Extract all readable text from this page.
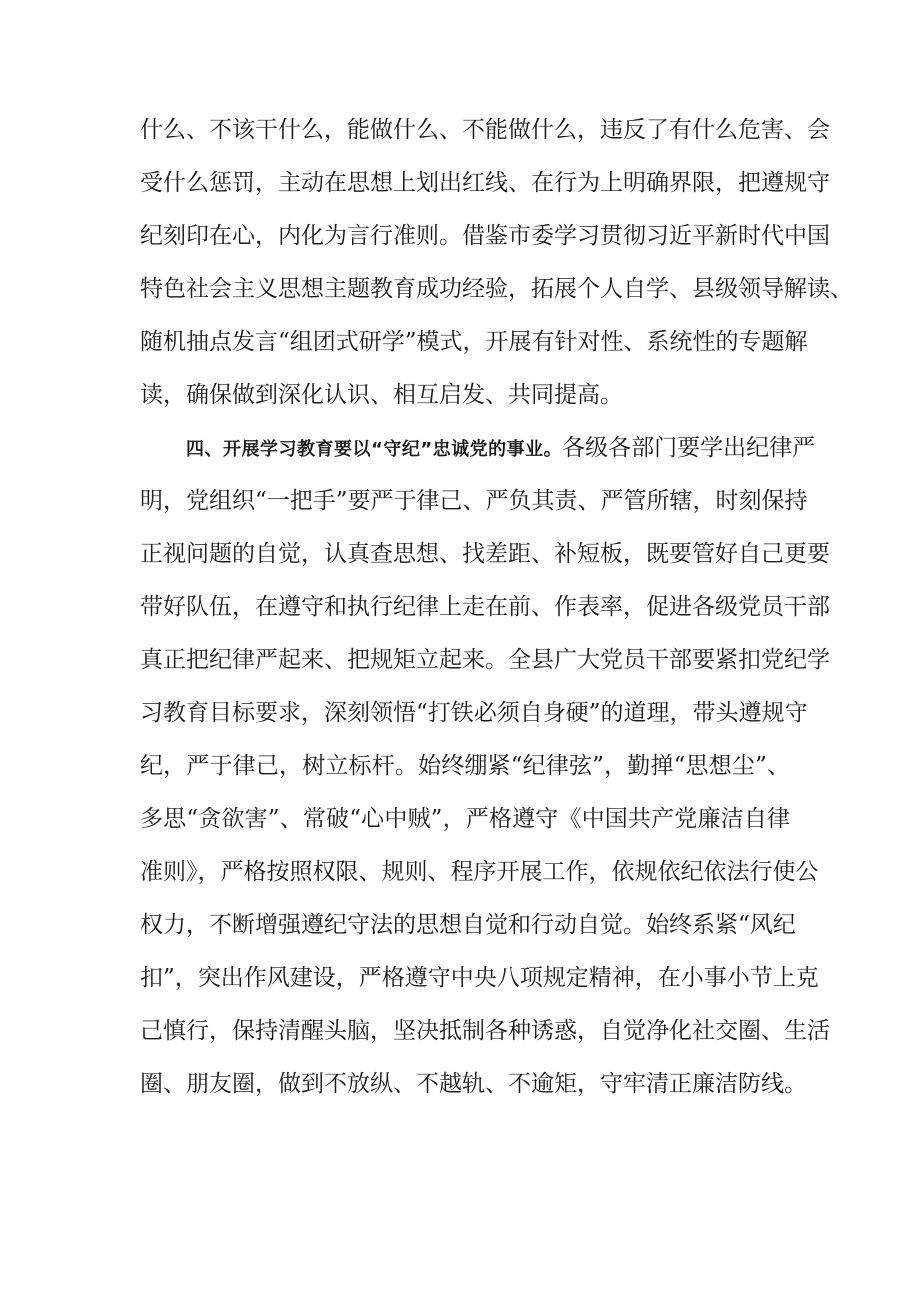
什么、不该干什么，能做什么、不能做什么，违反了有什么危害、会
受什么惩罚，主动在思想上划出红线、在行为上明确界限，把遵规守
纪刻印在心，内化为言行准则。借鉴市委学习贯彻习近平新时代中国
特色社会主义思想主题教育成功经验，拓展个人自学、县级领导解读、
随机抽点发言“组团式研学”模式，开展有针对性、系统性的专题解
读，确保做到深化认识、相互启发、共同提高。
四、开展学习教育要以“守纪”忠诚党的事业。各级各部门要学出纪律严
明，党组织“一把手”要严于律己、严负其责、严管所辖，时刻保持
正视问题的自觉，认真查思想、找差距、补短板，既要管好自己更要
带好队伍，在遵守和执行纪律上走在前、作表率，促进各级党员干部
真正把纪律严起来、把规矩立起来。全县广大党员干部要紧扣党纪学
习教育目标要求，深刻领悟“打铁必须自身硬”的道理，带头遵规守
纪，严于律己，树立标杆。始终绷紧“纪律弦”，勤掸“思想尘”、
多思“贪欲害”、常破“心中贼”，严格遵守《中国共产党廉洁自律
准则》，严格按照权限、规则、程序开展工作，依规依纪依法行使公
权力，不断增强遵纪守法的思想自觉和行动自觉。始终系紧“风纪
扣”，突出作风建设，严格遵守中央八项规定精神，在小事小节上克
己慎行，保持清醒头脑，坚决抵制各种诱惑，自觉净化社交圈、生活
圈、朋友圈，做到不放纵、不越轨、不逾矩，守牢清正廉洁防线。
